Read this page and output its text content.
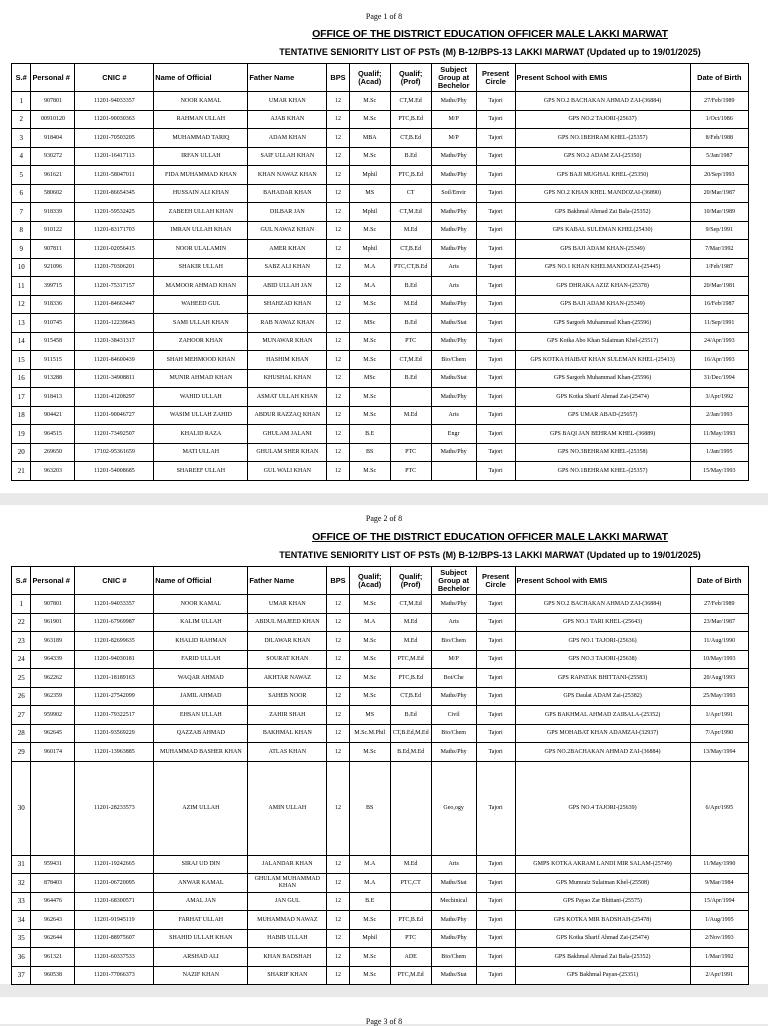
Page 1 of 8
OFFICE OF THE DISTRICT EDUCATION OFFICER MALE LAKKI MARWAT
TENTATIVE SENIORITY LIST OF PSTs (M) B-12/BPS-13 LAKKI MARWAT (Updated up to 19/01/2025)
S.#	Personal #	CNIC #	Name of Official	Father Name	BPS	Qualif; (Acad)	Qualif; (Prof)	Subject Group at Bechelor	Present Circle	Present School with EMIS	Date of Birth
1	907801	11201-94033357	NOOR KAMAL	UMAR KHAN	12	M.Sc	CT,M.Ed	Maths/Phy	Tajori	GPS NO.2 BACHAKAN AHMAD ZAI-(36884)	27/Feb/1989
2	00910120	11201-90030363	RAHMAN ULLAH	AJAB KHAN	12	M.Sc	PTC,B.Ed	M/P	Tajori	GPS NO.2 TAJORI-(25637)	1/Oct/1986
3	918404	11201-70503205	MUHAMMAD TARIQ	ADAM KHAN	12	MBA	CT,B.Ed	M/P	Tajori	GPS NO.1BEHRAM KHEL-(25357)	8/Feb/1988
4	930272	11201-16417113	IRFAN ULLAH	SAIF ULLAH KHAN	12	M.Sc	B.Ed	Maths/Phy	Tajori	GPS NO.2 ADAM ZAI-(25350)	5/Jan/1987
5	961621	11201-58047011	FIDA MUHAMMAD KHAN	KHAN NAWAZ KHAN	12	Mphil	PTC,B.Ed	Maths/Phy	Tajori	GPS BAJI MUGHAL KHEL-(25350)	20/Sep/1993
6	580602	11201-86654345	HUSSAIN ALI KHAN	BAHADAR KHAN	12	MS	CT	Soil/Envir	Tajori	GPS NO.2 KHAN KHEL MANDOZAI-(36890)	20/Mar/1987
7	918339	11201-59532425	ZABEEH ULLAH KHAN	DILBAR JAN	12	Mphil	CT,M.Ed	Maths/Phy	Tajori	GPS Bakhmal Ahmad Zai Bala-(25352)	10/Mar/1989
8	910122	11201-83171703	IMRAN ULLAH KHAN	GUL NAWAZ KHAN	12	M.Sc	M.Ed	Maths/Phy	Tajori	GPS KABAL SULEMAN KHEL(25430)	9/Sep/1991
9	907811	11201-02056415	NOOR ULALAMIN	AMER KHAN	12	Mphil	CT,B.Ed	Maths/Phy	Tajori	GPS BAJI ADAM KHAN-(25349)	7/Mar/1992
10	921096	11201-70306201	SHAKIR ULLAH	SABZ ALI KHAN	12	M.A	PTC,CT,B.Ed	Arts	Tajori	GPS NO.1 KHAN KHELMANDOZAI-(25445)	1/Feb/1987
11	399715	11201-75317157	MAMOOR AHMAD KHAN	ABID ULLAH JAN	12	M.A	B.Ed	Arts	Tajori	GPS DHRAKA AZIZ KHAN-(25378)	20/Mar/1981
12	918336	11201-84663447	WAHEED GUL	SHAHZAD KHAN	12	M.Sc	M.Ed	Maths/Phy	Tajori	GPS BAJI ADAM KHAN-(25349)	16/Feb/1987
13	910745	11201-12239643	SAMI ULLAH KHAN	RAB NAWAZ KHAN	12	MSc	B.Ed	Maths/Stat	Tajori	GPS Sargorh Muhammad Khan-(25596)	11/Sep/1991
14	915458	11201-38431317	ZAHOOR KHAN	MUNAWAR KHAN	12	M.Sc	PTC	Maths/Phy	Tajori	GPS Kotka Abo Khan Sulaiman Khel-(25517)	24/Apr/1993
15	911515	11201-84600439	SHAH MEHMOOD KHAN	HASHIM KHAN	12	M.Sc	CT,M.Ed	Bio/Chem	Tajori	GPS KOTKA HAIBAT KHAN SULEMAN KHEL-(25413)	16/Apr/1993
16	913288	11201-34908811	MUNIR AHMAD KHAN	KHUSHAL KHAN	12	MSc	B.Ed	Maths/Stat	Tajori	GPS Sargorh Muhammad Khan-(25596)	31/Dec/1994
17	918413	11201-41208297	WAHID ULLAH	ASMAT ULLAH KHAN	12	M.Sc		Maths/Phy	Tajori	GPS Kotka Sharif Ahmad Zai-(25474)	3/Apr/1992
18	904421	11201-90046727	WASIM ULLAH ZAHID	ABDUR RAZZAQ KHAN	12	M.Sc	M.Ed	Arts	Tajori	GPS UMAR ABAD-(25657)	2/Jan/1993
19	964515	11201-73492507	KHALID RAZA	GHULAM JALANI	12	B.E		Engr	Tajori	GPS BAQI JAN BEHRAM KHEL-(36889)	11/May/1993
20	269650	17102-95361659	MATI ULLAH	GHULAM SHER KHAN	12	BS	PTC	Maths/Phy	Tajori	GPS NO.3BEHRAM KHEL-(25358)	1/Jan/1995
21	963203	11201-54008685	SHAREEF ULLAH	GUL WALI KHAN	12	M.Sc	PTC		Tajori	GPS NO.1BEHRAM KHEL-(25357)	15/May/1993
Page 2 of 8
OFFICE OF THE DISTRICT EDUCATION OFFICER MALE LAKKI MARWAT
TENTATIVE SENIORITY LIST OF PSTs (M) B-12/BPS-13 LAKKI MARWAT (Updated up to 19/01/2025)
S.#	Personal #	CNIC #	Name of Official	Father Name	BPS	Qualif; (Acad)	Qualif; (Prof)	Subject Group at Bechelor	Present Circle	Present School with EMIS	Date of Birth
1	907801	11201-94033357	NOOR KAMAL	UMAR KHAN	12	M.Sc	CT,M.Ed	Maths/Phy	Tajori	GPS NO.2 BACHAKAN AHMAD ZAI-(36884)	27/Feb/1989
22	961901	11201-67969987	KALIM ULLAH	ABDUL MAJEED KHAN	12	M.A	M.Ed	Arts	Tajori	GPS NO.1 TARI KHEL-(25643)	23/Mar/1987
23	963189	11201-82699635	KHALID RAHMAN	DILAWAR KHAN	12	M.Sc	M.Ed	Bio/Chem	Tajori	GPS NO.1 TAJORI-(25636)	11/Aug/1990
24	964339	11201-94030181	FARID ULLAH	SOURAT KHAN	12	M.Sc	PTC,M.Ed	M/P	Tajori	GPS NO.3 TAJORI-(25638)	10/May/1993
25	962262	11201-18189163	WAQAR AHMAD	AKHTAR NAWAZ	12	M.Sc	PTC,B.Ed	Bot/Che	Tajori	GPS RAPATAK BHITTANI-(25583)	20/Aug/1993
26	962359	11201-27542099	JAMIL AHMAD	SAHEB NOOR	12	M.Sc	CT,B.Ed	Maths/Phy	Tajori	GPS Daulat ADAM Zai-(25382)	25/May/1993
27	959902	11201-79322517	EHSAN ULLAH	ZAHIR SHAH	12	MS	B.Ed	Civil	Tajori	GPS BAKHMAL AHMAD ZAIBALA-(25352)	1/Apr/1991
28	962645	11201-93569229	QAZZAB AHMAD	BAKHMAL KHAN	12	M.Sc.M.Phil	CT,B.Ed,M.Ed	Bio/Chem	Tajori	GPS MOHABAT KHAN ADAMZAI-(32937)	7/Apr/1990
29	960174	11201-13963885	MUHAMMAD BASHER KHAN	ATLAS KHAN	12	M.Sc	B.Ed,M.Ed	Maths/Phy	Tajori	GPS NO.2BACHAKAN AHMAD ZAI-(36884)	13/May/1994
30		11201-28233573	AZIM ULLAH	AMIN ULLAH	12	BS		Geo,ogy	Tajori	GPS NO.4 TAJORI-(25639)	6/Apr/1995
31	959431	11201-19242665	SIRAJ UD DIN	JALANDAR KHAN	12	M.A	M.Ed	Arts	Tajori	GMPS KOTKA AKRAM LANDI MIR SALAM-(25749)	11/May/1990
32	878403	11201-06720095	ANWAR KAMAL	GHULAM MUHAMMAD KHAN	12	M.A	PTC,CT	Maths/Stat	Tajori	GPS Mumraiz Sulaiman Khel-(25508)	9/Mar/1984
33	964476	11201-68300571	AMAL JAN	JAN GUL	12	B.E		Mechinical	Tajori	GPS Payao Zar Bhittani-(25575)	15/Apr/1994
34	962643	11201-91945119	FARHAT ULLAH	MUHAMMAD NAWAZ	12	M.Sc	PTC,B.Ed	Maths/Phy	Tajori	GPS KOTKA MIR BADSHAH-(25478)	1/Aug/1995
35	962644	11201-88975607	SHAHID ULLAH KHAN	HABIB ULLAH	12	Mphil	PTC	Maths/Phy	Tajori	GPS Kotka Sharif Ahmad Zai-(25474)	2/Nov/1993
36	961321	11201-60337533	ARSHAD ALI	KHAN BADSHAH	12	M.Sc	ADE	Bio/Chem	Tajori	GPS Bakhmal Ahmad Zai Bala-(25352)	1/Mar/1992
37	960538	11201-77066373	NAZIF KHAN	SHARIF KHAN	12	M.Sc	PTC,M.Ed	Maths/Stat	Tajori	GPS Bakhmal Payan-(25351)	2/Apr/1991
Page 3 of 8
